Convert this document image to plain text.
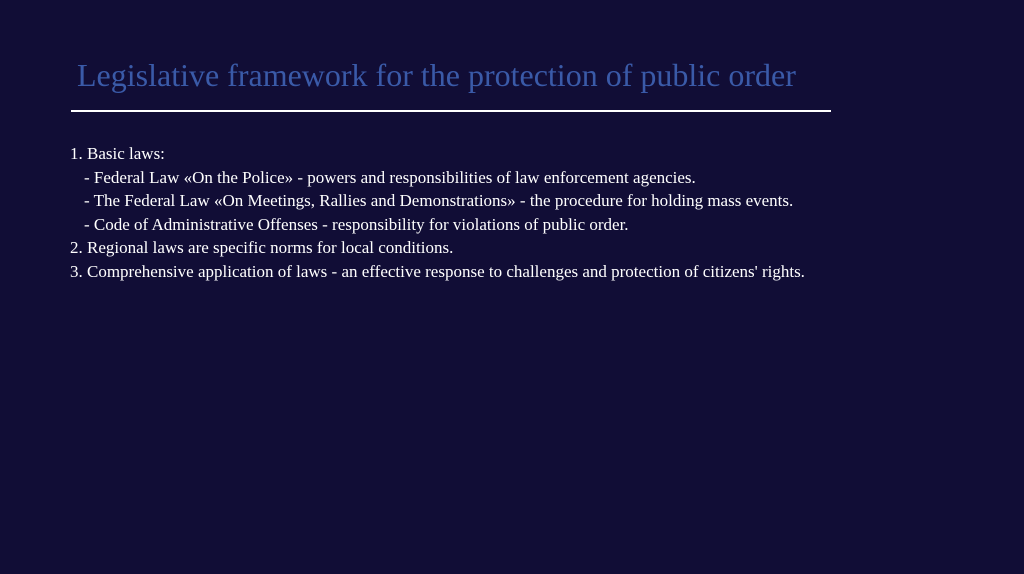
Legislative framework for the protection of public order
1. Basic laws:
- Federal Law «On the Police» - powers and responsibilities of law enforcement agencies.
- The Federal Law «On Meetings, Rallies and Demonstrations» - the procedure for holding mass events.
- Code of Administrative Offenses - responsibility for violations of public order.
2. Regional laws are specific norms for local conditions.
3. Comprehensive application of laws - an effective response to challenges and protection of citizens' rights.
